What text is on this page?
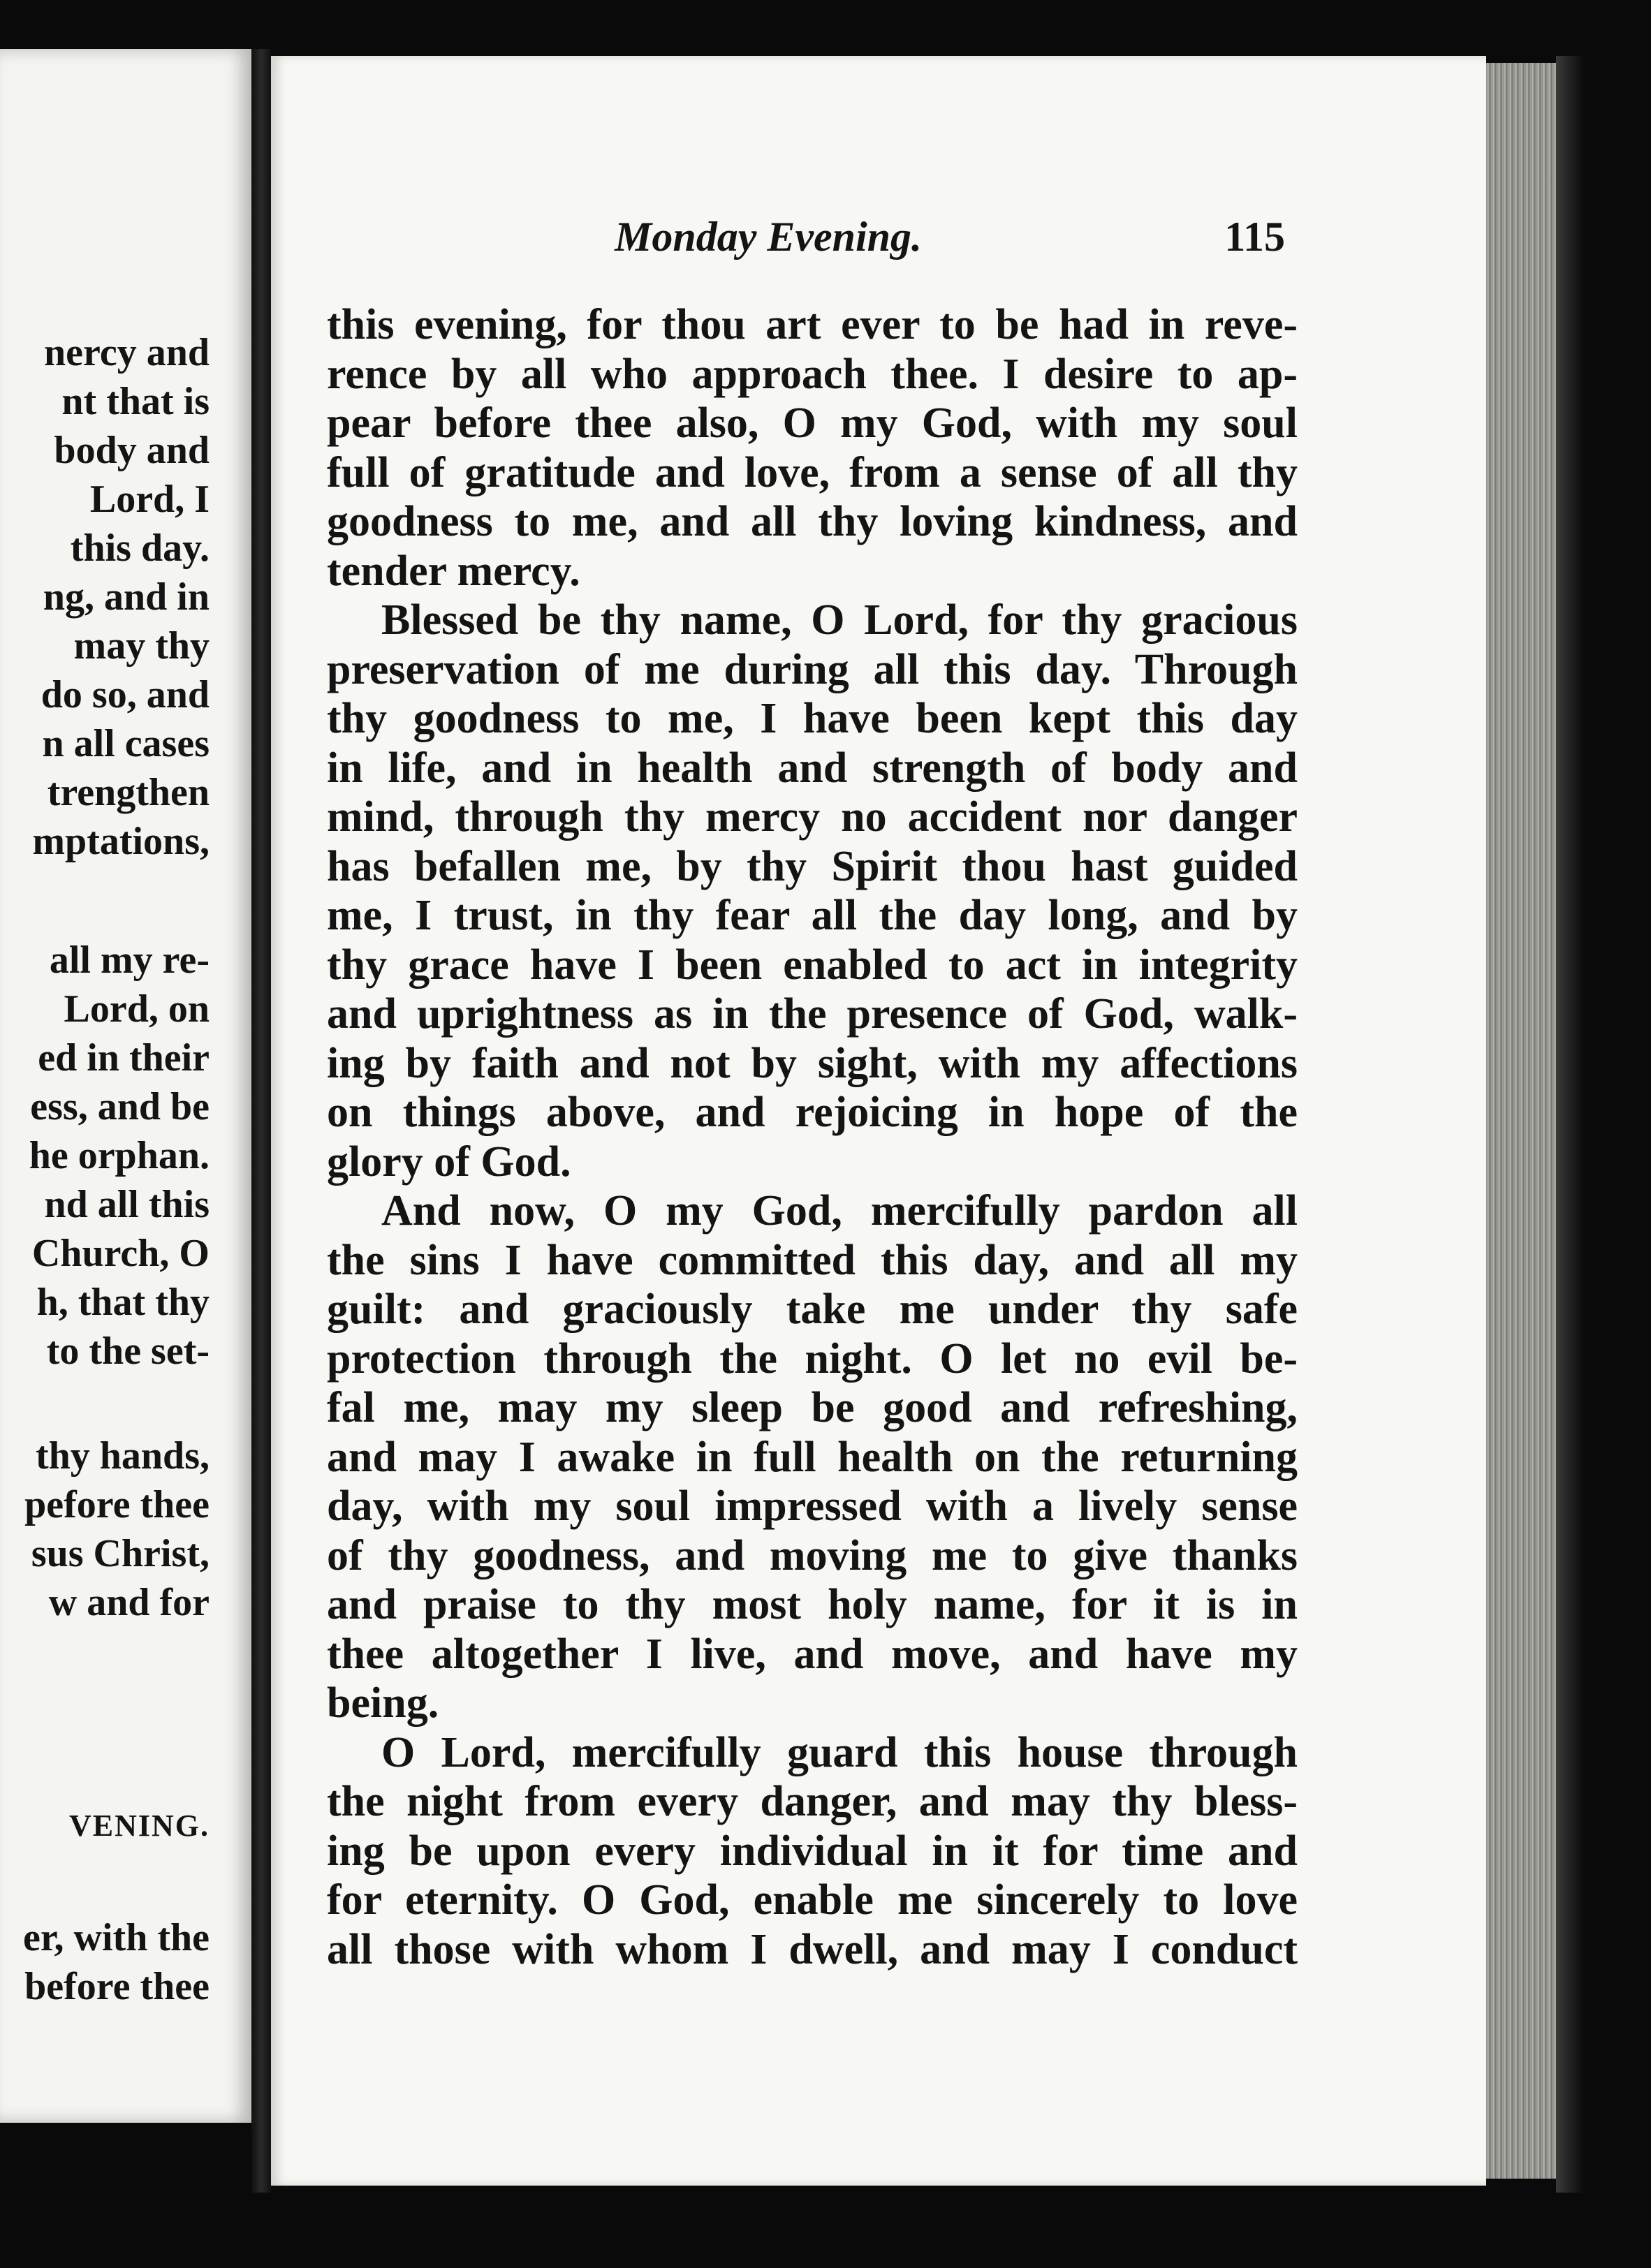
nercy and
nt that is
body and
Lord, I
this day.
ng, and in
may thy
do so, and
n all cases
trengthen
mptations,
all my re-
Lord, on
ed in their
ess, and be
he orphan.
nd all this
Church, O
h, that thy
to the set-
thy hands,
pefore thee
sus Christ,
w and for
VENING.
er, with the
before thee
Monday Evening.	115
this evening, for thou art ever to be had in reve-
rence by all who approach thee. I desire to ap-
pear before thee also, O my God, with my soul
full of gratitude and love, from a sense of all thy
goodness to me, and all thy loving kindness, and
tender mercy.
Blessed be thy name, O Lord, for thy gracious
preservation of me during all this day. Through
thy goodness to me, I have been kept this day
in life, and in health and strength of body and
mind, through thy mercy no accident nor danger
has befallen me, by thy Spirit thou hast guided
me, I trust, in thy fear all the day long, and by
thy grace have I been enabled to act in integrity
and uprightness as in the presence of God, walk-
ing by faith and not by sight, with my affections
on things above, and rejoicing in hope of the
glory of God.
And now, O my God, mercifully pardon all
the sins I have committed this day, and all my
guilt: and graciously take me under thy safe
protection through the night. O let no evil be-
fal me, may my sleep be good and refreshing,
and may I awake in full health on the returning
day, with my soul impressed with a lively sense
of thy goodness, and moving me to give thanks
and praise to thy most holy name, for it is in
thee altogether I live, and move, and have my
being.
O Lord, mercifully guard this house through
the night from every danger, and may thy bless-
ing be upon every individual in it for time and
for eternity. O God, enable me sincerely to love
all those with whom I dwell, and may I conduct
